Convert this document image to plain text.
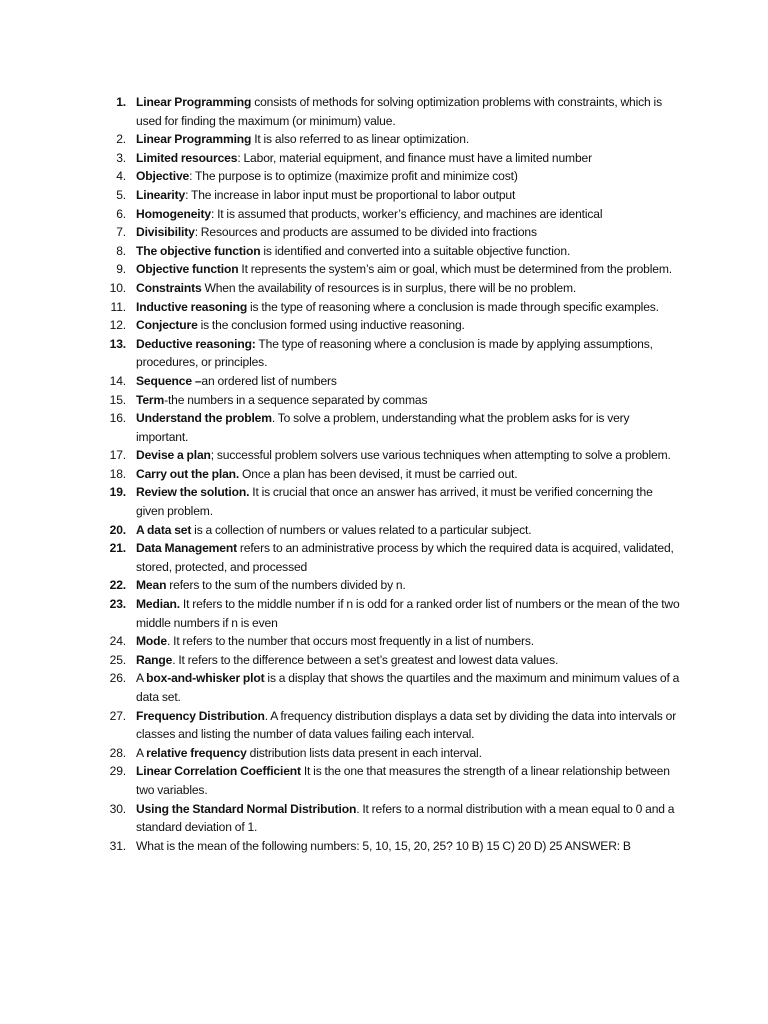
1. Linear Programming consists of methods for solving optimization problems with constraints, which is used for finding the maximum (or minimum) value.
2. Linear Programming It is also referred to as linear optimization.
3. Limited resources: Labor, material equipment, and finance must have a limited number
4. Objective: The purpose is to optimize (maximize profit and minimize cost)
5. Linearity: The increase in labor input must be proportional to labor output
6. Homogeneity: It is assumed that products, worker’s efficiency, and machines are identical
7. Divisibility: Resources and products are assumed to be divided into fractions
8. The objective function is identified and converted into a suitable objective function.
9. Objective function It represents the system’s aim or goal, which must be determined from the problem.
10. Constraints When the availability of resources is in surplus, there will be no problem.
11. Inductive reasoning is the type of reasoning where a conclusion is made through specific examples.
12. Conjecture is the conclusion formed using inductive reasoning.
13. Deductive reasoning: The type of reasoning where a conclusion is made by applying assumptions, procedures, or principles.
14. Sequence –an ordered list of numbers
15. Term-the numbers in a sequence separated by commas
16. Understand the problem. To solve a problem, understanding what the problem asks for is very important.
17. Devise a plan; successful problem solvers use various techniques when attempting to solve a problem.
18. Carry out the plan. Once a plan has been devised, it must be carried out.
19. Review the solution. It is crucial that once an answer has arrived, it must be verified concerning the given problem.
20. A data set is a collection of numbers or values related to a particular subject.
21. Data Management refers to an administrative process by which the required data is acquired, validated, stored, protected, and processed
22. Mean refers to the sum of the numbers divided by n.
23. Median. It refers to the middle number if n is odd for a ranked order list of numbers or the mean of the two middle numbers if n is even
24. Mode. It refers to the number that occurs most frequently in a list of numbers.
25. Range. It refers to the difference between a set’s greatest and lowest data values.
26. A box-and-whisker plot is a display that shows the quartiles and the maximum and minimum values of a data set.
27. Frequency Distribution. A frequency distribution displays a data set by dividing the data into intervals or classes and listing the number of data values failing each interval.
28. A relative frequency distribution lists data present in each interval.
29. Linear Correlation Coefficient It is the one that measures the strength of a linear relationship between two variables.
30. Using the Standard Normal Distribution. It refers to a normal distribution with a mean equal to 0 and a standard deviation of 1.
31. What is the mean of the following numbers: 5, 10, 15, 20, 25? 10 B) 15 C) 20 D) 25 ANSWER: B
